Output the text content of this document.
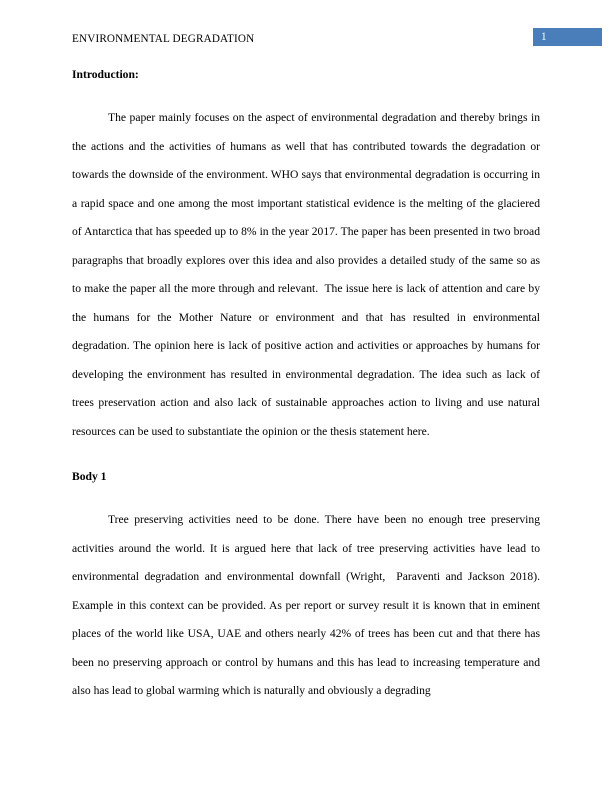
ENVIRONMENTAL DEGRADATION	1
Introduction:
The paper mainly focuses on the aspect of environmental degradation and thereby brings in the actions and the activities of humans as well that has contributed towards the degradation or towards the downside of the environment. WHO says that environmental degradation is occurring in a rapid space and one among the most important statistical evidence is the melting of the glaciered of Antarctica that has speeded up to 8% in the year 2017. The paper has been presented in two broad paragraphs that broadly explores over this idea and also provides a detailed study of the same so as to make the paper all the more through and relevant.  The issue here is lack of attention and care by the humans for the Mother Nature or environment and that has resulted in environmental degradation. The opinion here is lack of positive action and activities or approaches by humans for developing the environment has resulted in environmental degradation. The idea such as lack of trees preservation action and also lack of sustainable approaches action to living and use natural resources can be used to substantiate the opinion or the thesis statement here.
Body 1
Tree preserving activities need to be done. There have been no enough tree preserving activities around the world. It is argued here that lack of tree preserving activities have lead to environmental degradation and environmental downfall (Wright,  Paraventi and Jackson 2018). Example in this context can be provided. As per report or survey result it is known that in eminent places of the world like USA, UAE and others nearly 42% of trees has been cut and that there has been no preserving approach or control by humans and this has lead to increasing temperature and also has lead to global warming which is naturally and obviously a degrading
